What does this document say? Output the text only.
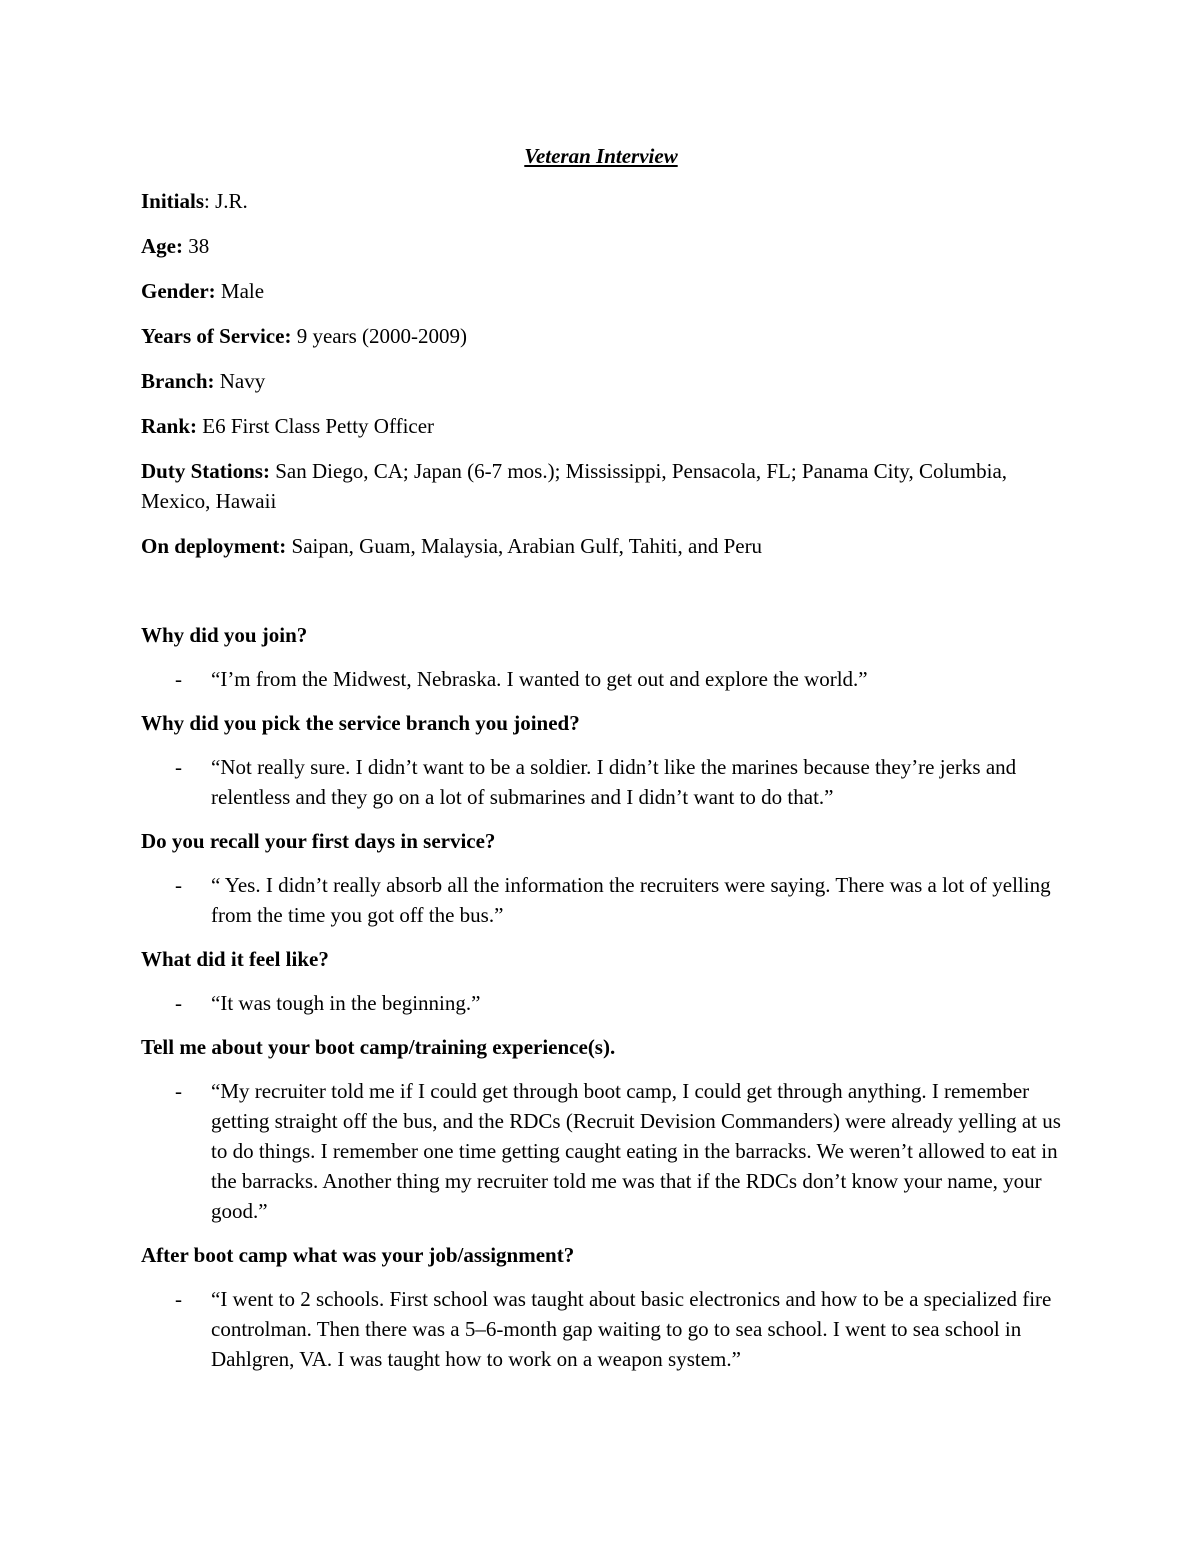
Veteran Interview
Initials: J.R.
Age: 38
Gender: Male
Years of Service: 9 years (2000-2009)
Branch: Navy
Rank: E6 First Class Petty Officer
Duty Stations: San Diego, CA; Japan (6-7 mos.); Mississippi, Pensacola, FL; Panama City, Columbia, Mexico, Hawaii
On deployment: Saipan, Guam, Malaysia, Arabian Gulf, Tahiti, and Peru
Why did you join?
- “I’m from the Midwest, Nebraska. I wanted to get out and explore the world.”
Why did you pick the service branch you joined?
- “Not really sure. I didn’t want to be a soldier. I didn’t like the marines because they’re jerks and relentless and they go on a lot of submarines and I didn’t want to do that.”
Do you recall your first days in service?
- “ Yes. I didn’t really absorb all the information the recruiters were saying. There was a lot of yelling from the time you got off the bus.”
What did it feel like?
- “It was tough in the beginning.”
Tell me about your boot camp/training experience(s).
- “My recruiter told me if I could get through boot camp, I could get through anything. I remember getting straight off the bus, and the RDCs (Recruit Devision Commanders) were already yelling at us to do things. I remember one time getting caught eating in the barracks. We weren’t allowed to eat in the barracks. Another thing my recruiter told me was that if the RDCs don’t know your name, your good.”
After boot camp what was your job/assignment?
- “I went to 2 schools. First school was taught about basic electronics and how to be a specialized fire controlman. Then there was a 5–6-month gap waiting to go to sea school. I went to sea school in Dahlgren, VA. I was taught how to work on a weapon system.”
